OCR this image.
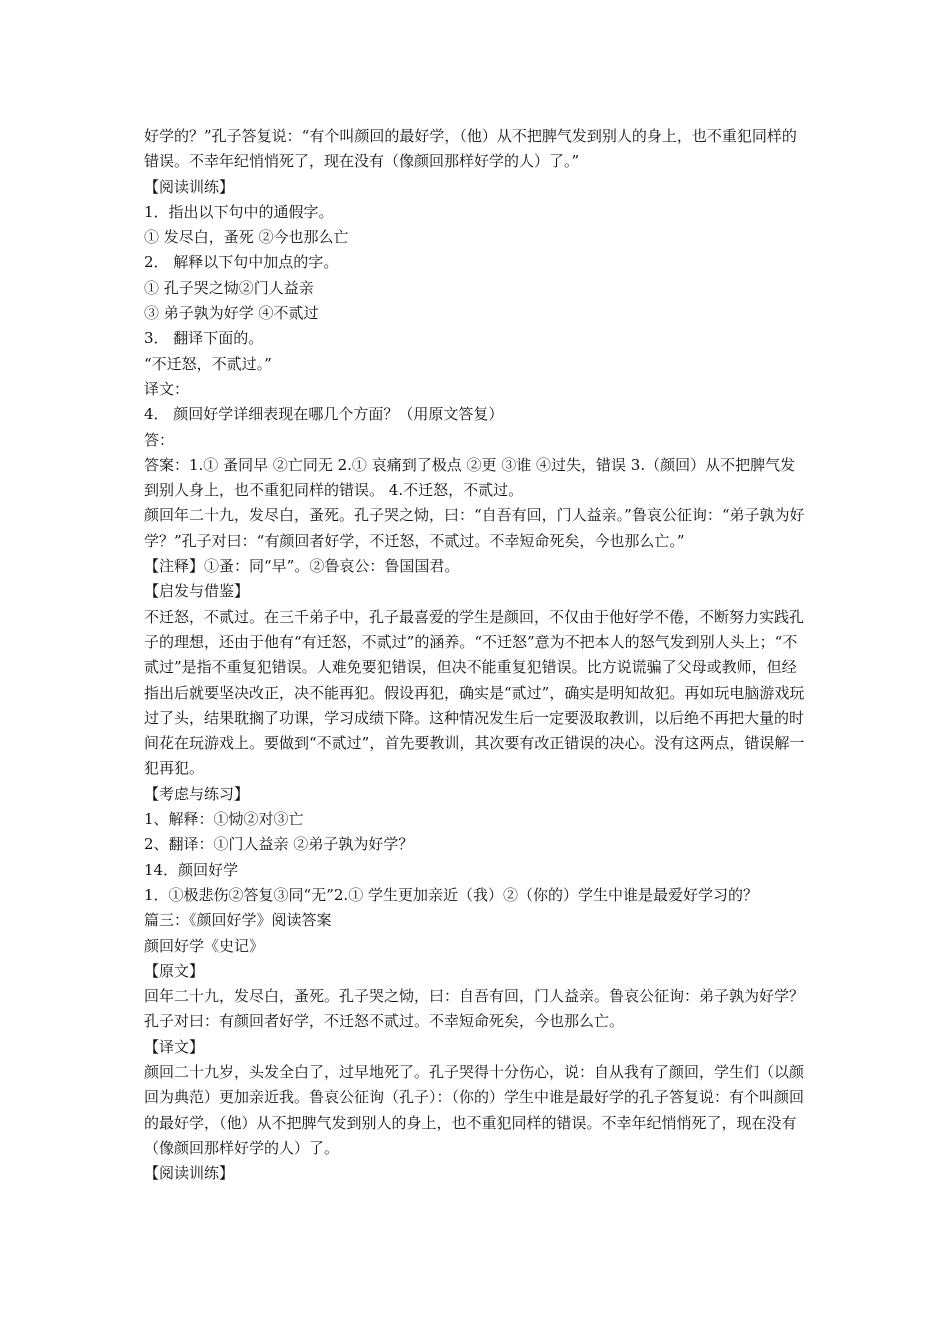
好学的？”孔子答复说：“有个叫颜回的最好学，（他）从不把脾气发到别人的身上，也不重犯同样的错误。不幸年纪悄悄死了，现在没有（像颜回那样好学的人）了。”

【阅读训练】

1．指出以下句中的通假字。

① 发尽白，蚤死 ②今也那么亡

2． 解释以下句中加点的字。

① 孔子哭之恸②门人益亲

③ 弟子孰为好学 ④不贰过

3． 翻译下面的。

“不迁怒，不贰过。”

译文：

4． 颜回好学详细表现在哪几个方面？（用原文答复）

答：

答案：1.① 蚤同早 ②亡同无 2.① 哀痛到了极点 ②更 ③谁 ④过失，错误 3.（颜回）从不把脾气发到别人身上，也不重犯同样的错误。 4.不迁怒，不贰过。

颜回年二十九，发尽白，蚤死。孔子哭之恸，曰：“自吾有回，门人益亲。”鲁哀公征询：“弟子孰为好学？”孔子对曰：“有颜回者好学，不迁怒，不贰过。不幸短命死矣，今也那么亡。”

【注释】①蚤：同“早”。②鲁哀公：鲁国国君。

【启发与借鉴】

不迁怒，不贰过。在三千弟子中，孔子最喜爱的学生是颜回，不仅由于他好学不倦，不断努力实践孔子的理想，还由于他有“有迁怒，不贰过”的涵养。“不迁怒”意为不把本人的怒气发到别人头上；“不贰过”是指不重复犯错误。人难免要犯错误，但决不能重复犯错误。比方说谎骗了父母或教师，但经指出后就要坚决改正，决不能再犯。假设再犯，确实是“贰过”，确实是明知故犯。再如玩电脑游戏玩过了头，结果耽搁了功课，学习成绩下降。这种情况发生后一定要汲取教训，以后绝不再把大量的时间花在玩游戏上。要做到“不贰过”，首先要教训，其次要有改正错误的决心。没有这两点，错误解一犯再犯。

【考虑与练习】

1、解释：①恸②对③亡

2、翻译：①门人益亲 ②弟子孰为好学？

14．颜回好学

1．①极悲伤②答复③同“无”2.① 学生更加亲近（我）②（你的）学生中谁是最爱好学习的？

篇三：《颜回好学》阅读答案

颜回好学《史记》

【原文】

回年二十九，发尽白，蚤死。孔子哭之恸，曰：自吾有回，门人益亲。鲁哀公征询：弟子孰为好学？孔子对曰：有颜回者好学，不迁怒不贰过。不幸短命死矣，今也那么亡。

【译文】

颜回二十九岁，头发全白了，过早地死了。孔子哭得十分伤心，说：自从我有了颜回，学生们（以颜回为典范）更加亲近我。鲁哀公征询（孔子）：（你的）学生中谁是最好学的孔子答复说：有个叫颜回的最好学，（他）从不把脾气发到别人的身上，也不重犯同样的错误。不幸年纪悄悄死了，现在没有（像颜回那样好学的人）了。

【阅读训练】
